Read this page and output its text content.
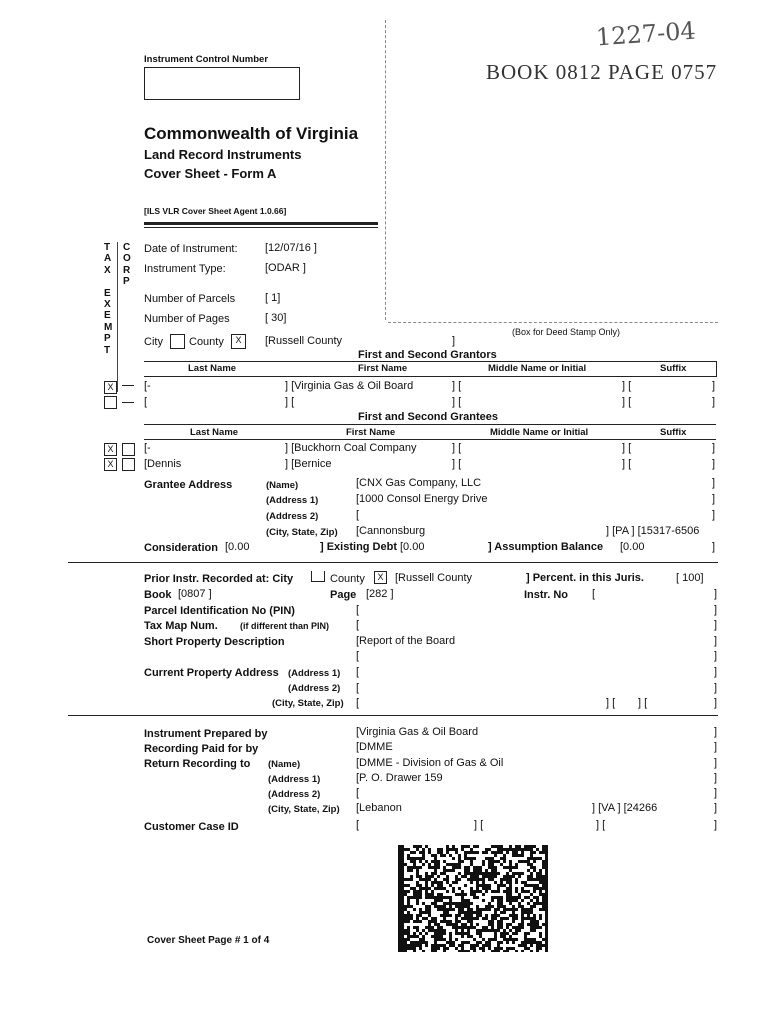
Instrument Control Number
1227-04
BOOK 0812 PAGE 0757
Commonwealth of Virginia
Land Record Instruments
Cover Sheet - Form A
[ILS VLR Cover Sheet Agent 1.0.66]
T
A
X

E
X
E
M
P
T
C
O
R
P
Date of Instrument: [12/07/16 ]
Instrument Type:	[ODAR ]
Number of Parcels	[ 1]
Number of Pages	[ 30]
City County	X	[Russell County	]
(Box for Deed Stamp Only)
First and Second Grantors
Last Name	First Name	Middle Name or Initial	Suffix
X	[-	] [Virginia Gas & Oil Board	] [	] [	]
[	] [	] [	] [	]
First and Second Grantees
Last Name	First Name	Middle Name or Initial	Suffix
X	[-	] [Buckhorn Coal Company	] [	] [	]
X	[Dennis	] [Bernice	] [	] [	]
Grantee Address	(Name)	[CNX Gas Company, LLC	]
(Address 1)	[1000 Consol Energy Drive	]
(Address 2)	[	]
(City, State, Zip) [Cannonsburg	] [PA ] [15317-6506
Consideration [0.00	] Existing Debt [0.00	] Assumption Balance [0.00	]
Prior Instr. Recorded at: City	County	X	[Russell County	] Percent. in this Juris.	[ 100]
Book [0807 ]	Page [282 ]	Instr. No [	]
Parcel Identification No (PIN)	[	]
Tax Map Num. (if different than PIN) [	]
Short Property Description	[Report of the Board	]
[	]
Current Property Address (Address 1) [	]
(Address 2) [	]
(City, State, Zip) [	] [ ] [	]
Instrument Prepared by	[Virginia Gas & Oil Board	]
Recording Paid for by	[DMME	]
Return Recording to (Name)	[DMME - Division of Gas & Oil	]
(Address 1)	[P. O. Drawer 159	]
(Address 2)	[	]
(City, State, Zip) [Lebanon	] [VA ] [24266	]
Customer Case ID	[	] [	] [	]
Cover Sheet Page # 1 of 4
